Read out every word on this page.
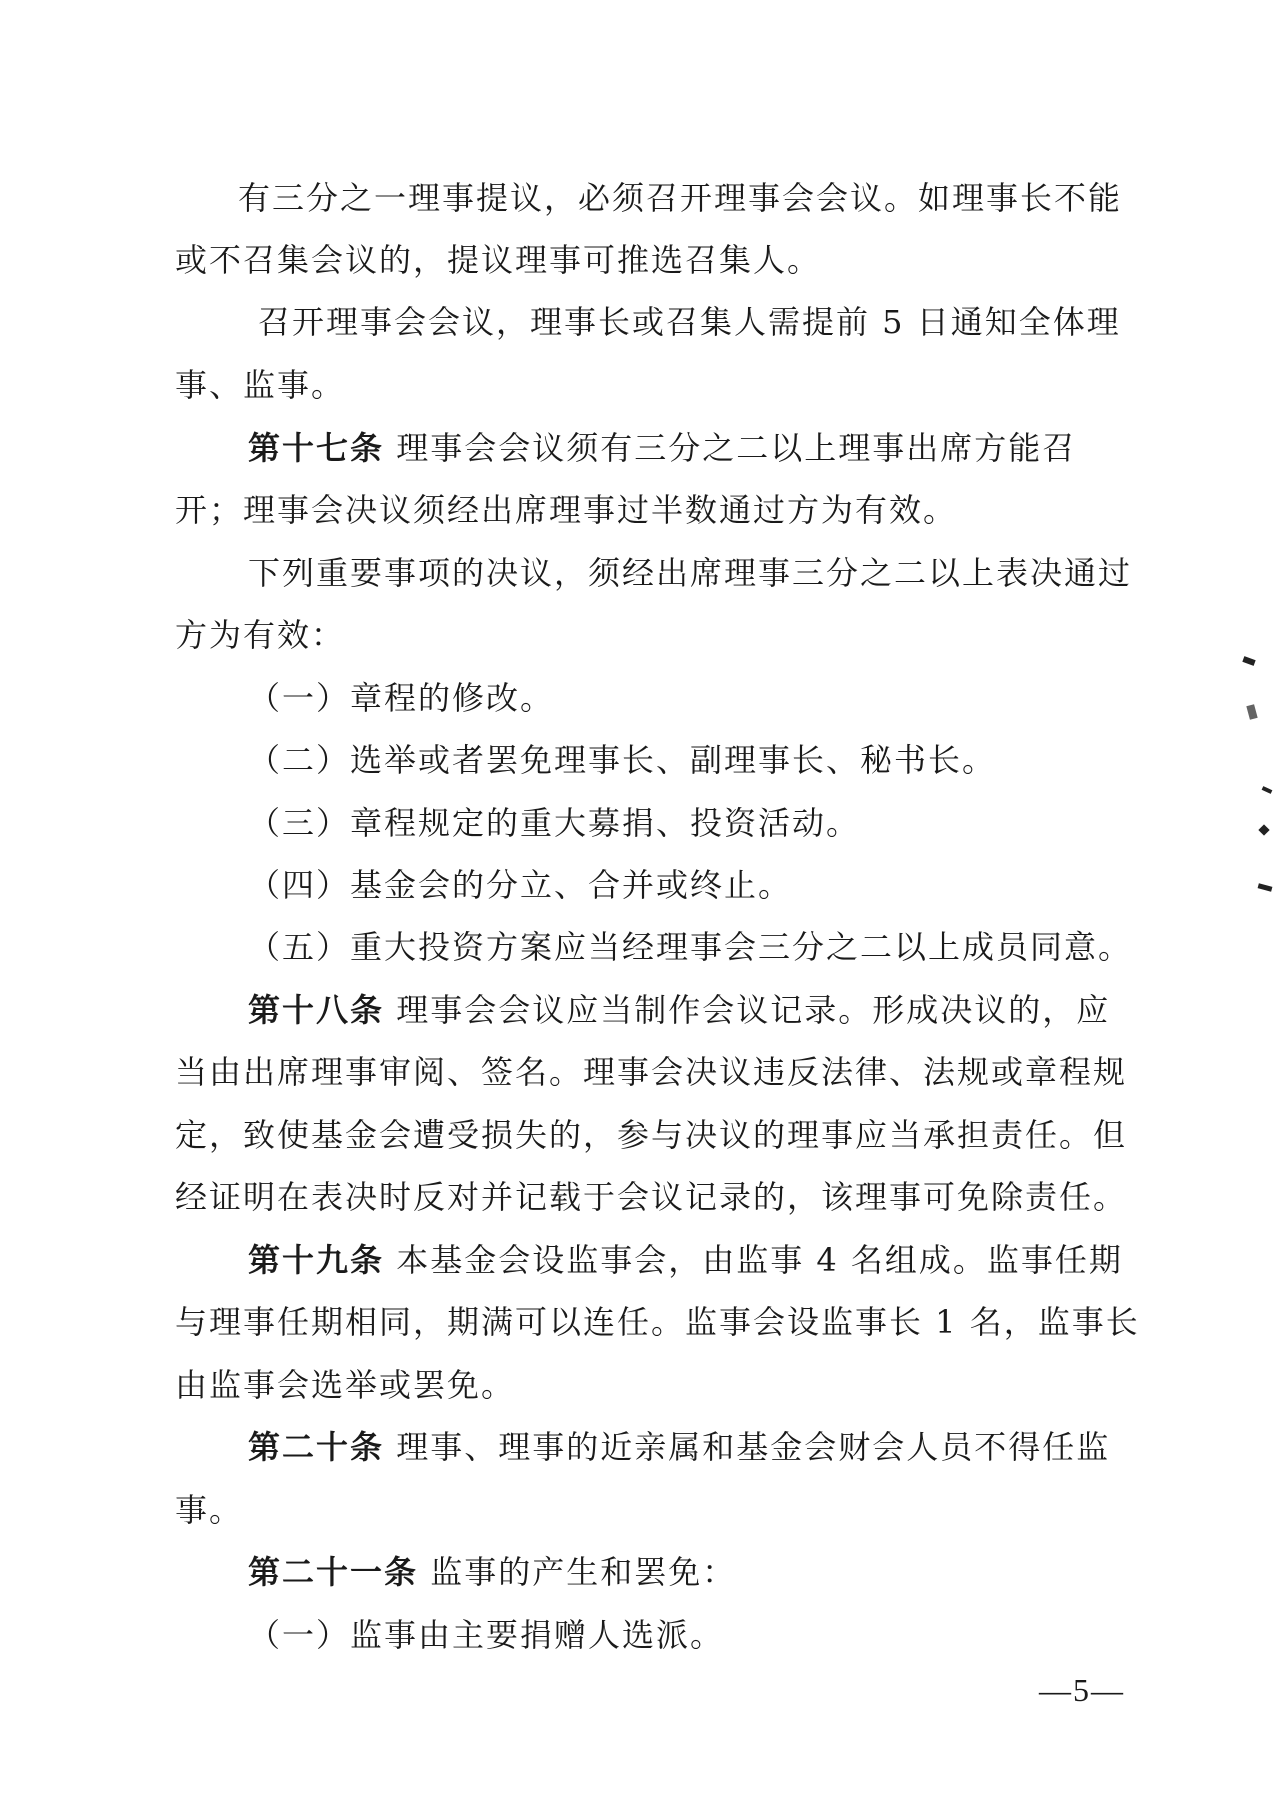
有三分之一理事提议，必须召开理事会会议。如理事长不能
或不召集会议的，提议理事可推选召集人。
召开理事会会议，理事长或召集人需提前 5 日通知全体理
事、监事。
第十七条 理事会会议须有三分之二以上理事出席方能召
开；理事会决议须经出席理事过半数通过方为有效。
下列重要事项的决议，须经出席理事三分之二以上表决通过
方为有效：
（一）章程的修改。
（二）选举或者罢免理事长、副理事长、秘书长。
（三）章程规定的重大募捐、投资活动。
（四）基金会的分立、合并或终止。
（五）重大投资方案应当经理事会三分之二以上成员同意。
第十八条 理事会会议应当制作会议记录。形成决议的，应
当由出席理事审阅、签名。理事会决议违反法律、法规或章程规
定，致使基金会遭受损失的，参与决议的理事应当承担责任。但
经证明在表决时反对并记载于会议记录的，该理事可免除责任。
第十九条 本基金会设监事会，由监事 4 名组成。监事任期
与理事任期相同，期满可以连任。监事会设监事长 1 名，监事长
由监事会选举或罢免。
第二十条 理事、理事的近亲属和基金会财会人员不得任监
事。
第二十一条 监事的产生和罢免：
（一）监事由主要捐赠人选派。
—5—
